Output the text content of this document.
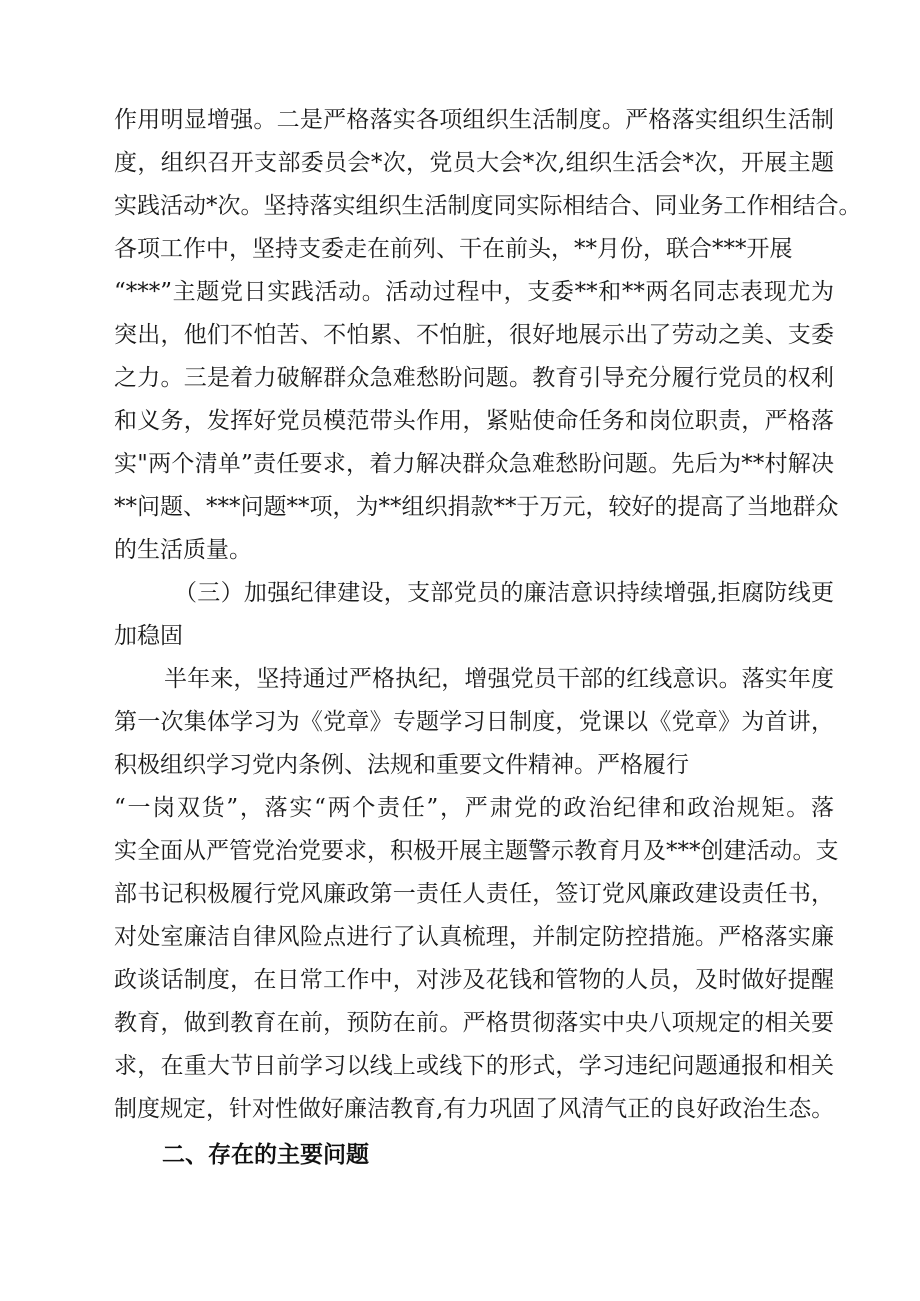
作用明显增强。二是严格落实各项组织生活制度。严格落实组织生活制
度，组织召开支部委员会*次，党员大会*次,组织生活会*次，开展主题
实践活动*次。坚持落实组织生活制度同实际相结合、同业务工作相结合。
各项工作中，坚持支委走在前列、干在前头，**月份，联合***开展
“***”主题党日实践活动。活动过程中，支委**和**两名同志表现尤为
突出，他们不怕苦、不怕累、不怕脏，很好地展示出了劳动之美、支委
之力。三是着力破解群众急难愁盼问题。教育引导充分履行党员的权利
和义务，发挥好党员模范带头作用，紧贴使命任务和岗位职责，严格落
实"两个清单”责任要求，着力解决群众急难愁盼问题。先后为**村解决
**问题、***问题**项，为**组织捐款**于万元，较好的提高了当地群众
的生活质量。
（三）加强纪律建设，支部党员的廉洁意识持续增强,拒腐防线更
加稳固
半年来，坚持通过严格执纪，增强党员干部的红线意识。落实年度
第一次集体学习为《党章》专题学习日制度，党课以《党章》为首讲，
积极组织学习党内条例、法规和重要文件精神。严格履行
“一岗双货”，落实“两个责任”，严肃党的政治纪律和政治规矩。落
实全面从严管党治党要求，积极开展主题警示教育月及***创建活动。支
部书记积极履行党风廉政第一责任人责任，签订党风廉政建设责任书，
对处室廉洁自律风险点进行了认真梳理，并制定防控措施。严格落实廉
政谈话制度，在日常工作中，对涉及花钱和管物的人员，及时做好提醒
教育，做到教育在前，预防在前。严格贯彻落实中央八项规定的相关要
求，在重大节日前学习以线上或线下的形式，学习违纪问题通报和相关
制度规定，针对性做好廉洁教育,有力巩固了风清气正的良好政治生态。
二、存在的主要问题
